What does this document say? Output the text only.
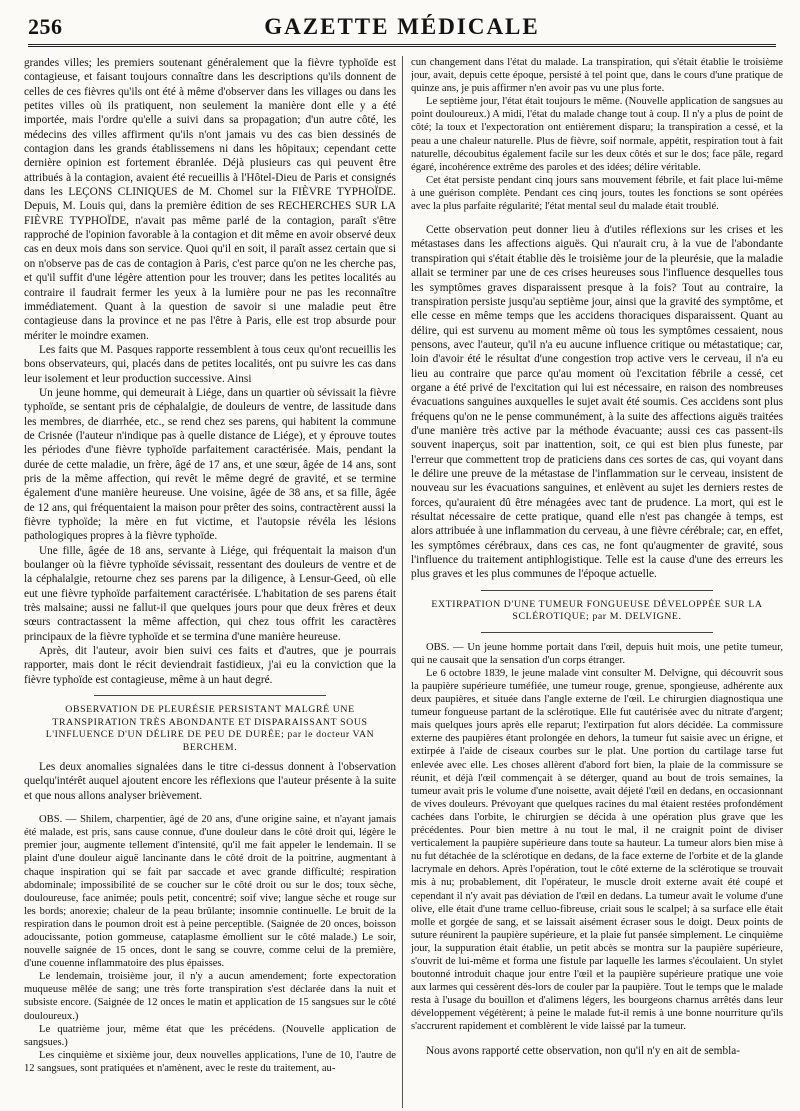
256	GAZETTE MÉDICALE

grandes villes; les premiers soutenant généralement que la fièvre typhoïde est contagieuse, et faisant toujours connaître dans les descriptions qu'ils donnent de celles de ces fièvres qu'ils ont été à même d'observer dans les villages ou dans les petites villes où ils pratiquent, non seulement la manière dont elle y a été importée, mais l'ordre qu'elle a suivi dans sa propagation; d'un autre côté, les médecins des villes affirment qu'ils n'ont jamais vu des cas bien dessinés de contagion dans les grands établissemens ni dans les hôpitaux; cependant cette dernière opinion est fortement ébranlée. Déjà plusieurs cas qui peuvent être attribués à la contagion, avaient été recueillis à l'Hôtel-Dieu de Paris et consignés dans les LEÇONS CLINIQUES de M. Chomel sur la FIÈVRE TYPHOÏDE. Depuis, M. Louis qui, dans la première édition de ses RECHERCHES SUR LA FIÈVRE TYPHOÏDE, n'avait pas même parlé de la contagion, paraît s'être rapproché de l'opinion favorable à la contagion et dit même en avoir observé deux cas en deux mois dans son service. Quoi qu'il en soit, il paraît assez certain que si on n'observe pas de cas de contagion à Paris, c'est parce qu'on ne les cherche pas, et qu'il suffit d'une légère attention pour les trouver; dans les petites localités au contraire il faudrait fermer les yeux à la lumière pour ne pas les reconnaître immédiatement. Quant à la question de savoir si une maladie peut être contagieuse dans la province et ne pas l'être à Paris, elle est trop absurde pour mériter le moindre examen.

Les faits que M. Pasques rapporte ressemblent à tous ceux qu'ont recueillis les bons observateurs, qui, placés dans de petites localités, ont pu suivre les cas dans leur isolement et leur production successive. Ainsi

Un jeune homme, qui demeurait à Liége, dans un quartier où sévissait la fièvre typhoïde, se sentant pris de céphalalgie, de douleurs de ventre, de lassitude dans les membres, de diarrhée, etc., se rend chez ses parens, qui habitent la commune de Crisnée (l'auteur n'indique pas à quelle distance de Liége), et y éprouve toutes les périodes d'une fièvre typhoïde parfaitement caractérisée. Mais, pendant la durée de cette maladie, un frère, âgé de 17 ans, et une sœur, âgée de 14 ans, sont pris de la même affection, qui revêt le même degré de gravité, et se termine également d'une manière heureuse. Une voisine, âgée de 38 ans, et sa fille, âgée de 12 ans, qui fréquentaient la maison pour prêter des soins, contractèrent aussi la fièvre typhoïde; la mère en fut victime, et l'autopsie révéla les lésions pathologiques propres à la fièvre typhoïde.

Une fille, âgée de 18 ans, servante à Liége, qui fréquentait la maison d'un boulanger où la fièvre typhoïde sévissait, ressentant des douleurs de ventre et de la céphalalgie, retourne chez ses parens par la diligence, à Lensur-Geed, où elle eut une fièvre typhoïde parfaitement caractérisée. L'habitation de ses parens était très malsaine; aussi ne fallut-il que quelques jours pour que deux frères et deux sœurs contractassent la même affection, qui chez tous offrit les caractères principaux de la fièvre typhoïde et se termina d'une manière heureuse.

Après, dit l'auteur, avoir bien suivi ces faits et d'autres, que je pourrais rapporter, mais dont le récit deviendrait fastidieux, j'ai eu la conviction que la fièvre typhoïde est contagieuse, même à un haut degré.

OBSERVATION DE PLEURÉSIE PERSISTANT MALGRÉ UNE TRANSPIRATION TRÈS ABONDANTE ET DISPARAISSANT SOUS L'INFLUENCE D'UN DÉLIRE DE PEU DE DURÉE; par le docteur VAN BERCHEM.

Les deux anomalies signalées dans le titre ci-dessus donnent à l'observation quelqu'intérêt auquel ajoutent encore les réflexions que l'auteur présente à la suite et que nous allons analyser brièvement.

OBS. — Shilem, charpentier, âgé de 20 ans, d'une origine saine, et n'ayant jamais été malade, est pris, sans cause connue, d'une douleur dans le côté droit qui, légère le premier jour, augmente tellement d'intensité, qu'il me fait appeler le lendemain. Il se plaint d'une douleur aiguë lancinante dans le côté droit de la poitrine, augmentant à chaque inspiration qui se fait par saccade et avec grande difficulté; respiration abdominale; impossibilité de se coucher sur le côté droit ou sur le dos; toux sèche, douloureuse, face animée; pouls petit, concentré; soif vive; langue sèche et rouge sur les bords; anorexie; chaleur de la peau brûlante; insomnie continuelle. Le bruit de la respiration dans le poumon droit est à peine perceptible. (Saignée de 20 onces, boisson adoucissante, potion gommeuse, cataplasme émollient sur le côté malade.) Le soir, nouvelle saignée de 15 onces, dont le sang se couvre, comme celui de la première, d'une couenne inflammatoire des plus épaisses.

Le lendemain, troisième jour, il n'y a aucun amendement; forte expectoration muqueuse mêlée de sang; une très forte transpiration s'est déclarée dans la nuit et subsiste encore. (Saignée de 12 onces le matin et application de 15 sangsues sur le côté douloureux.)

Le quatrième jour, même état que les précédens. (Nouvelle application de sangsues.)

Les cinquième et sixième jour, deux nouvelles applications, l'une de 10, l'autre de 12 sangsues, sont pratiquées et n'amènent, avec le reste du traitement, au-

cun changement dans l'état du malade. La transpiration, qui s'était établie le troisième jour, avait, depuis cette époque, persisté à tel point que, dans le cours d'une pratique de quinze ans, je puis affirmer n'en avoir pas vu une plus forte.

Le septième jour, l'état était toujours le même. (Nouvelle application de sangsues au point douloureux.) A midi, l'état du malade change tout à coup. Il n'y a plus de point de côté; la toux et l'expectoration ont entièrement disparu; la transpiration a cessé, et la peau a une chaleur naturelle. Plus de fièvre, soif normale, appétit, respiration tout à fait naturelle, découbitus également facile sur les deux côtés et sur le dos; face pâle, regard égaré, incohérence extrême des paroles et des idées; délire véritable.

Cet état persiste pendant cinq jours sans mouvement fébrile, et fait place lui-même à une guérison complète. Pendant ces cinq jours, toutes les fonctions se sont opérées avec la plus parfaite régularité; l'état mental seul du malade était troublé.

Cette observation peut donner lieu à d'utiles réflexions sur les crises et les métastases dans les affections aiguës. Qui n'aurait cru, à la vue de l'abondante transpiration qui s'était établie dès le troisième jour de la pleurésie, que la maladie allait se terminer par une de ces crises heureuses sous l'influence desquelles tous les symptômes graves disparaissent presque à la fois? Tout au contraire, la transpiration persiste jusqu'au septième jour, ainsi que la gravité des symptôme, et elle cesse en même temps que les accidens thoraciques disparaissent. Quant au délire, qui est survenu au moment même où tous les symptômes cessaient, nous pensons, avec l'auteur, qu'il n'a eu aucune influence critique ou métastatique; car, loin d'avoir été le résultat d'une congestion trop active vers le cerveau, il n'a eu lieu au contraire que parce qu'au moment où l'excitation fébrile a cessé, cet organe a été privé de l'excitation qui lui est nécessaire, en raison des nombreuses évacuations sanguines auxquelles le sujet avait été soumis. Ces accidens sont plus fréquens qu'on ne le pense communément, à la suite des affections aiguës traitées d'une manière très active par la méthode évacuante; aussi ces cas passent-ils souvent inaperçus, soit par inattention, soit, ce qui est bien plus funeste, par l'erreur que commettent trop de praticiens dans ces sortes de cas, qui voyant dans le délire une preuve de la métastase de l'inflammation sur le cerveau, insistent de nouveau sur les évacuations sanguines, et enlèvent au sujet les derniers restes de forces, qu'auraient dû être ménagées avec tant de prudence. La mort, qui est le résultat nécessaire de cette pratique, quand elle n'est pas changée à temps, est alors attribuée à une inflammation du cerveau, à une fièvre cérébrale; car, en effet, les symptômes cérébraux, dans ces cas, ne font qu'augmenter de gravité, sous l'influence du traitement antiphlogistique. Telle est la cause d'une des erreurs les plus graves et les plus communes de l'époque actuelle.

EXTIRPATION D'UNE TUMEUR FONGUEUSE DÉVELOPPÉE SUR LA SCLÉROTIQUE; par M. DELVIGNE.

OBS. — Un jeune homme portait dans l'œil, depuis huit mois, une petite tumeur, qui ne causait que la sensation d'un corps étranger.

Le 6 octobre 1839, le jeune malade vint consulter M. Delvigne, qui découvrit sous la paupière supérieure tuméfiée, une tumeur rouge, grenue, spongieuse, adhérente aux deux paupières, et située dans l'angle externe de l'œil. Le chirurgien diagnostiqua une tumeur fongueuse partant de la sclérotique. Elle fut cautérisée avec du nitrate d'argent; mais quelques jours après elle reparut; l'extirpation fut alors décidée. La commissure externe des paupières étant prolongée en dehors, la tumeur fut saisie avec un érigne, et extirpée à l'aide de ciseaux courbes sur le plat. Une portion du cartilage tarse fut enlevée avec elle. Les choses allèrent d'abord fort bien, la plaie de la commissure se réunit, et déjà l'œil commençait à se déterger, quand au bout de trois semaines, la tumeur avait pris le volume d'une noisette, avait déjeté l'œil en dedans, en occasionnant de vives douleurs. Prévoyant que quelques racines du mal étaient restées profondément cachées dans l'orbite, le chirurgien se décida à une opération plus grave que les précédentes. Pour bien mettre à nu tout le mal, il ne craignit point de diviser verticalement la paupière supérieure dans toute sa hauteur. La tumeur alors bien mise à nu fut détachée de la sclérotique en dedans, de la face externe de l'orbite et de la glande lacrymale en dehors. Après l'opération, tout le côté externe de la sclérotique se trouvait mis à nu; probablement, dit l'opérateur, le muscle droit externe avait été coupé et cependant il n'y avait pas déviation de l'œil en dedans. La tumeur avait le volume d'une olive, elle était d'une trame celluo-fibreuse, criait sous le scalpel; à sa surface elle était molle et gorgée de sang, et se laissait aisément écraser sous le doigt. Deux points de suture réunirent la paupière supérieure, et la plaie fut pansée simplement. Le cinquième jour, la suppuration était établie, un petit abcès se montra sur la paupière supérieure, s'ouvrit de lui-même et forma une fistule par laquelle les larmes s'écoulaient. Un stylet boutonné introduit chaque jour entre l'œil et la paupière supérieure pratique une voie aux larmes qui cessèrent dès-lors de couler par la paupière. Tout le temps que le malade resta à l'usage du bouillon et d'alimens légers, les bourgeons charnus arrêtés dans leur développement végétèrent; à peine le malade fut-il remis à une bonne nourriture qu'ils s'accrurent rapidement et comblèrent le vide laissé par la tumeur.

Nous avons rapporté cette observation, non qu'il n'y en ait de sembla-
